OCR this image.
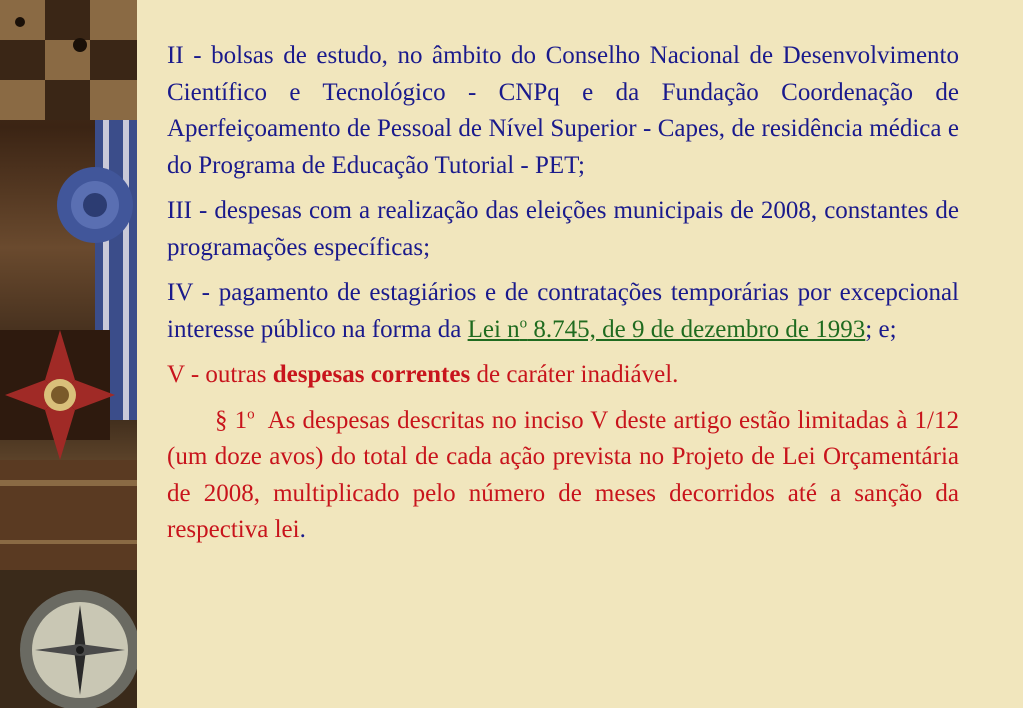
II - bolsas de estudo, no âmbito do Conselho Nacional de Desenvolvimento Científico e Tecnológico - CNPq e da Fundação Coordenação de Aperfeiçoamento de Pessoal de Nível Superior - Capes, de residência médica e do Programa de Educação Tutorial - PET;

III - despesas com a realização das eleições municipais de 2008, constantes de programações específicas;

IV - pagamento de estagiários e de contratações temporárias por excepcional interesse público na forma da Lei $n^o$ 8.745, de 9 de dezembro de 1993; e;

V - outras despesas correntes de caráter inadiável.

§ 1$^o$  As despesas descritas no inciso V deste artigo estão limitadas à 1/12 (um doze avos) do total de cada ação prevista no Projeto de Lei Orçamentária de 2008, multiplicado pelo número de meses decorridos até a sanção da respectiva lei.
